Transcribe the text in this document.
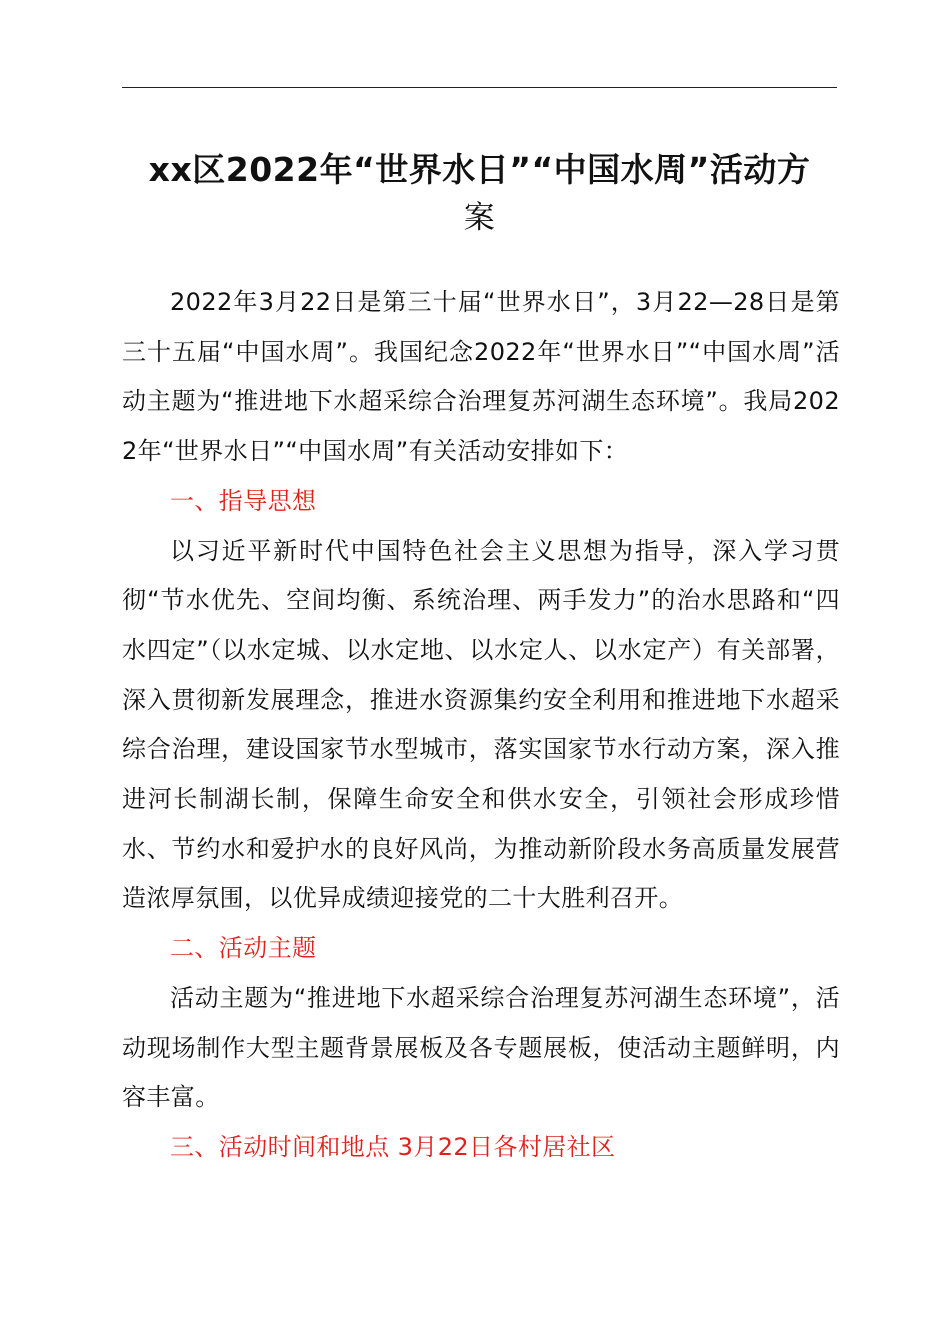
xx区2022年“世界水日”“中国水周”活动方
案

2022年3月22日是第三十届“世界水日”，3月22—28日是第三十五届“中国水周”。我国纪念2022年“世界水日”“中国水周”活动主题为“推进地下水超采综合治理复苏河湖生态环境”。我局2022年“世界水日”“中国水周”有关活动安排如下：

一、指导思想

以习近平新时代中国特色社会主义思想为指导，深入学习贯彻“节水优先、空间均衡、系统治理、两手发力”的治水思路和“四水四定”（以水定城、以水定地、以水定人、以水定产）有关部署，深入贯彻新发展理念，推进水资源集约安全利用和推进地下水超采综合治理，建设国家节水型城市，落实国家节水行动方案，深入推进河长制湖长制，保障生命安全和供水安全，引领社会形成珍惜水、节约水和爱护水的良好风尚，为推动新阶段水务高质量发展营造浓厚氛围，以优异成绩迎接党的二十大胜利召开。

二、活动主题

活动主题为“推进地下水超采综合治理复苏河湖生态环境”，活动现场制作大型主题背景展板及各专题展板，使活动主题鲜明，内容丰富。

三、活动时间和地点 3月22日各村居社区
